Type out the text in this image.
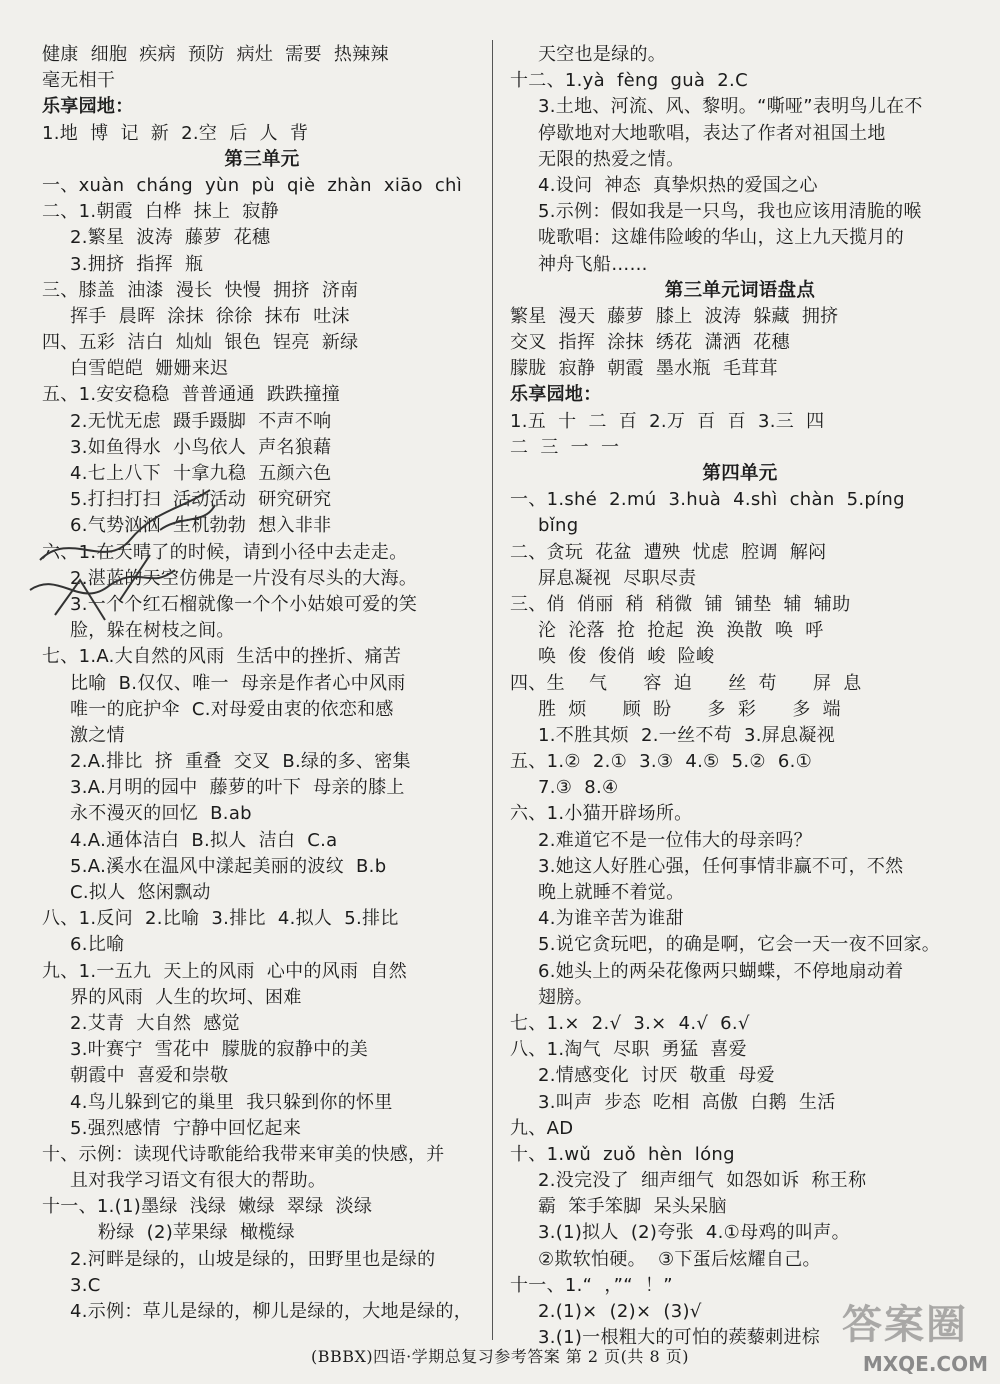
健康  细胞  疾病  预防  病灶  需要  热辣辣
毫无相干
乐享园地：
1.地  博  记  新  2.空  后  人  背
第三单元
一、xuàn  cháng  yùn  pù  qiè  zhàn  xiāo  chì
二、1.朝霞  白桦  抹上  寂静
2.繁星  波涛  藤萝  花穗
3.拥挤  指挥  瓶
三、膝盖  油漆  漫长  快慢  拥挤  济南
挥手  晨晖  涂抹  徐徐  抹布  吐沫
四、五彩  洁白  灿灿  银色  锃亮  新绿
白雪皑皑  姗姗来迟
五、1.安安稳稳  普普通通  跌跌撞撞
2.无忧无虑  蹑手蹑脚  不声不响
3.如鱼得水  小鸟依人  声名狼藉
4.七上八下  十拿九稳  五颜六色
5.打扫打扫  活动活动  研究研究
6.气势汹汹  生机勃勃  想入非非
六、1.在天晴了的时候，请到小径中去走走。
2.湛蓝的天空仿佛是一片没有尽头的大海。
3.一个个红石榴就像一个个小姑娘可爱的笑
脸，躲在树枝之间。
七、1.A.大自然的风雨  生活中的挫折、痛苦
比喻  B.仅仅、唯一  母亲是作者心中风雨
唯一的庇护伞  C.对母爱由衷的依恋和感
激之情
2.A.排比  挤  重叠  交叉  B.绿的多、密集
3.A.月明的园中  藤萝的叶下  母亲的膝上
永不漫灭的回忆  B.ab
4.A.通体洁白  B.拟人  洁白  C.a
5.A.溪水在温风中漾起美丽的波纹  B.b
C.拟人  悠闲飘动
八、1.反问  2.比喻  3.排比  4.拟人  5.排比
6.比喻
九、1.一五九  天上的风雨  心中的风雨  自然
界的风雨  人生的坎坷、困难
2.艾青  大自然  感觉
3.叶赛宁  雪花中  朦胧的寂静中的美
朝霞中  喜爱和崇敬
4.鸟儿躲到它的巢里  我只躲到你的怀里
5.强烈感情  宁静中回忆起来
十、示例：读现代诗歌能给我带来审美的快感，并
且对我学习语文有很大的帮助。
十一、1.(1)墨绿  浅绿  嫩绿  翠绿  淡绿
粉绿  (2)苹果绿  橄榄绿
2.河畔是绿的，山坡是绿的，田野里也是绿的
3.C
4.示例：草儿是绿的，柳儿是绿的，大地是绿的，
天空也是绿的。
十二、1.yà  fèng  guà  2.C
3.土地、河流、风、黎明。“嘶哑”表明鸟儿在不
停歇地对大地歌唱，表达了作者对祖国土地
无限的热爱之情。
4.设问  神态  真挚炽热的爱国之心
5.示例：假如我是一只鸟，我也应该用清脆的喉
咙歌唱：这雄伟险峻的华山，这上九天揽月的
神舟飞船……
第三单元词语盘点
繁星  漫天  藤萝  膝上  波涛  躲藏  拥挤
交叉  指挥  涂抹  绣花  潇洒  花穗
朦胧  寂静  朝霞  墨水瓶  毛茸茸
乐享园地：
1.五  十  二  百  2.万  百  百  3.三  四
二  三  一  一
第四单元
一、1.shé  2.mú  3.huà  4.shì  chàn  5.píng
bǐng
二、贪玩  花盆  遭殃  忧虑  腔调  解闷
屏息凝视  尽职尽责
三、俏  俏丽  稍  稍微  铺  铺垫  辅  辅助
沦  沦落  抢  抢起  涣  涣散  唤  呼
唤  俊  俊俏  峻  险峻
四、生    气      容  迫      丝  苟      屏  息
胜  烦      顾  盼      多  彩      多  端
1.不胜其烦  2.一丝不苟  3.屏息凝视
五、1.②  2.①  3.③  4.⑤  5.②  6.①
7.③  8.④
六、1.小猫开辟场所。
2.难道它不是一位伟大的母亲吗？
3.她这人好胜心强，任何事情非赢不可，不然
晚上就睡不着觉。
4.为谁辛苦为谁甜
5.说它贪玩吧，的确是啊，它会一天一夜不回家。
6.她头上的两朵花像两只蝴蝶，不停地扇动着
翅膀。
七、1.×  2.√  3.×  4.√  6.√
八、1.淘气  尽职  勇猛  喜爱
2.情感变化  讨厌  敬重  母爱
3.叫声  步态  吃相  高傲  白鹅  生活
九、AD
十、1.wǔ  zuǒ  hèn  lóng
2.没完没了  细声细气  如怨如诉  称王称
霸  笨手笨脚  呆头呆脑
3.(1)拟人  (2)夸张  4.①母鸡的叫声。
②欺软怕硬。  ③下蛋后炫耀自己。
十一、1.“  ，”“  ！”
2.(1)×  (2)×  (3)√
3.(1)一根粗大的可怕的蒺藜刺进棕
(BBBX)四语·学期总复习参考答案 第 2 页(共 8 页)
答案圈
MXQE.COM
